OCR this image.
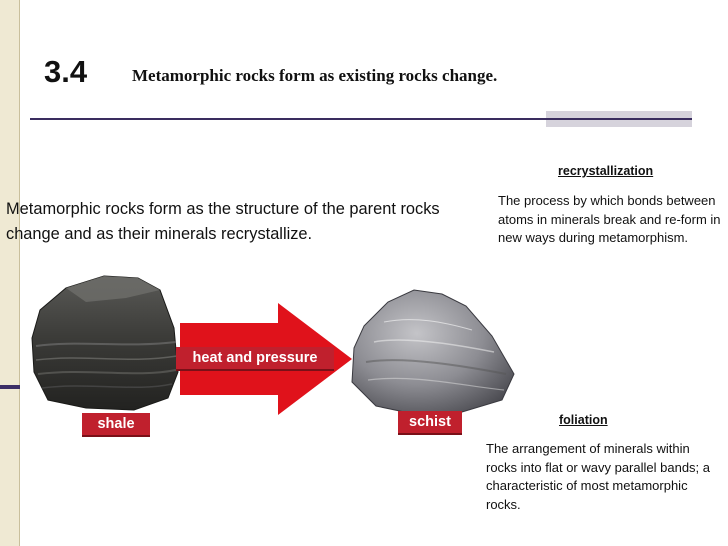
3.4	Metamorphic rocks form as existing rocks change.
Metamorphic rocks form as the structure of the parent rocks change and as their minerals recrystallize.
recrystallization
The process by which bonds between atoms in minerals break and re-form in new ways during metamorphism.
foliation
The arrangement of minerals within rocks into flat or wavy parallel bands; a characteristic of most metamorphic rocks.
heat and pressure
shale	schist
